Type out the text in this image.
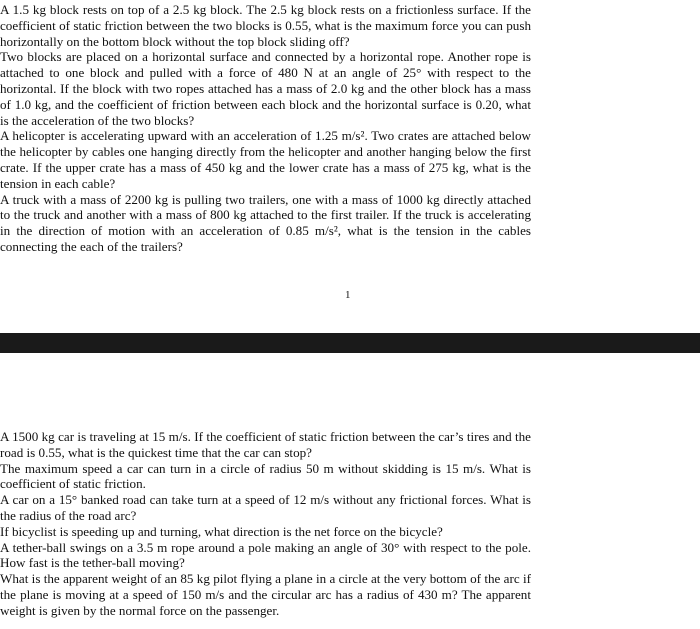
A 1.5 kg block rests on top of a 2.5 kg block. The 2.5 kg block rests on a frictionless surface. If the coefficient of static friction between the two blocks is 0.55, what is the maximum force you can push horizontally on the bottom block without the top block sliding off?
Two blocks are placed on a horizontal surface and connected by a horizontal rope. Another rope is attached to one block and pulled with a force of 480 N at an angle of 25° with respect to the horizontal. If the block with two ropes attached has a mass of 2.0 kg and the other block has a mass of 1.0 kg, and the coefficient of friction between each block and the horizontal surface is 0.20, what is the acceleration of the two blocks?
A helicopter is accelerating upward with an acceleration of 1.25 m/s². Two crates are attached below the helicopter by cables one hanging directly from the helicopter and another hanging below the first crate. If the upper crate has a mass of 450 kg and the lower crate has a mass of 275 kg, what is the tension in each cable?
A truck with a mass of 2200 kg is pulling two trailers, one with a mass of 1000 kg directly attached to the truck and another with a mass of 800 kg attached to the first trailer. If the truck is accelerating in the direction of motion with an acceleration of 0.85 m/s², what is the tension in the cables connecting the each of the trailers?
1
A 1500 kg car is traveling at 15 m/s. If the coefficient of static friction between the car’s tires and the road is 0.55, what is the quickest time that the car can stop?
The maximum speed a car can turn in a circle of radius 50 m without skidding is 15 m/s. What is coefficient of static friction.
A car on a 15° banked road can take turn at a speed of 12 m/s without any frictional forces. What is the radius of the road arc?
If bicyclist is speeding up and turning, what direction is the net force on the bicycle?
A tether-ball swings on a 3.5 m rope around a pole making an angle of 30° with respect to the pole. How fast is the tether-ball moving?
What is the apparent weight of an 85 kg pilot flying a plane in a circle at the very bottom of the arc if the plane is moving at a speed of 150 m/s and the circular arc has a radius of 430 m? The apparent weight is given by the normal force on the passenger.
